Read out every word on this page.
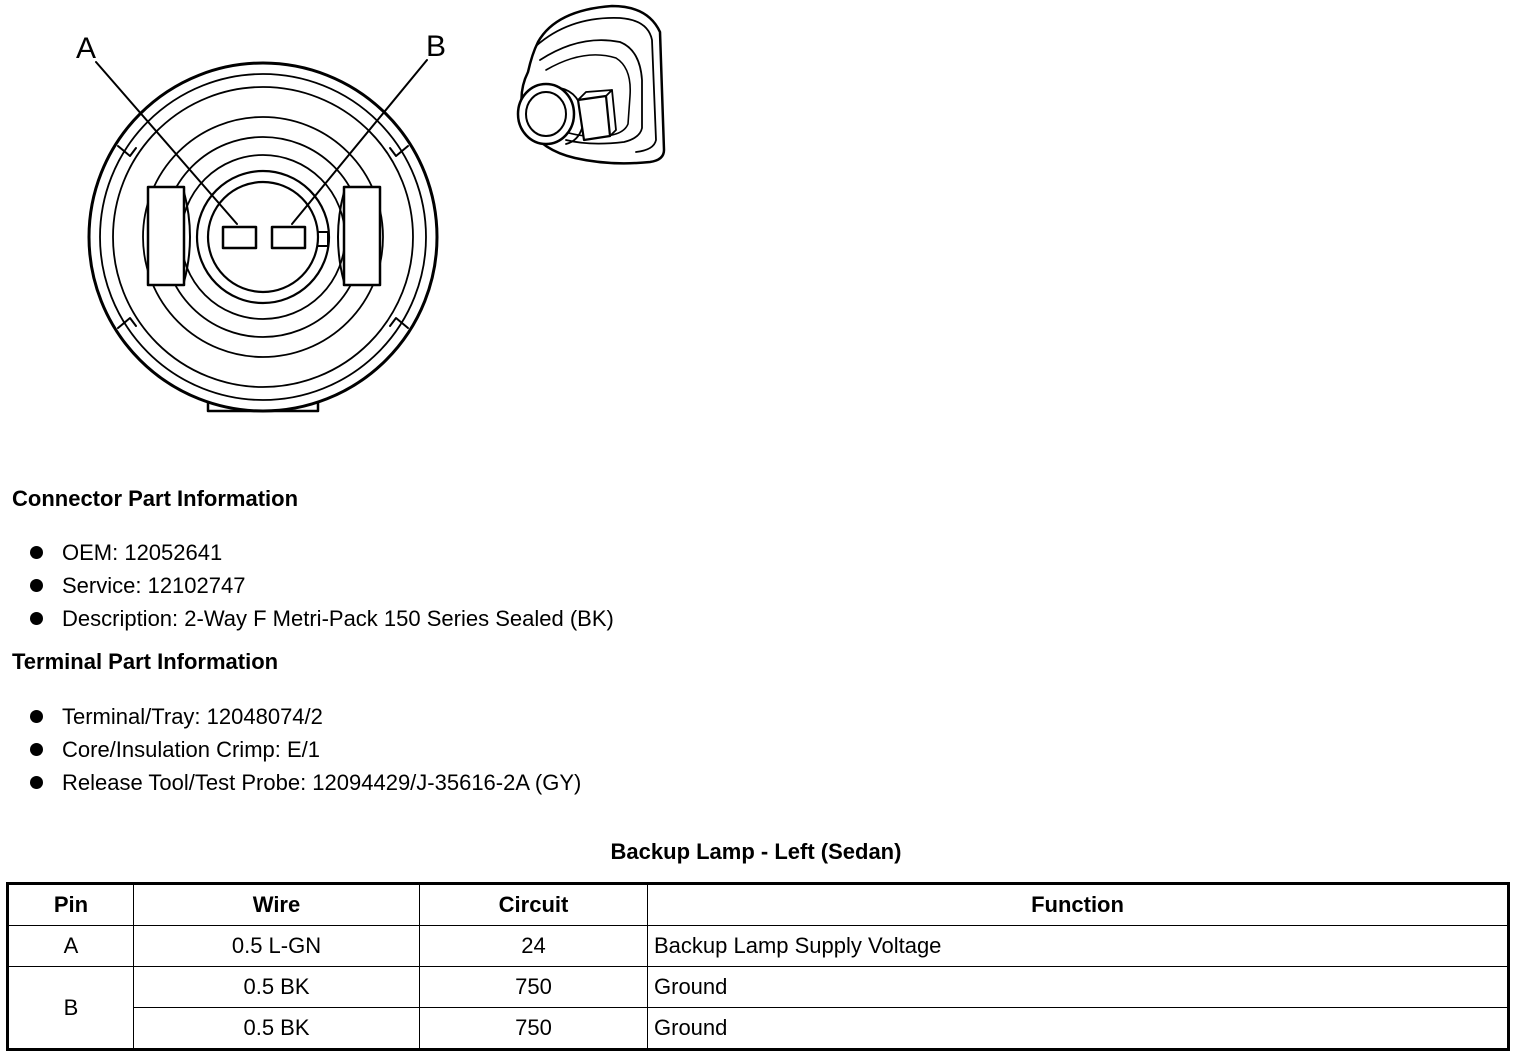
A	B
Connector Part Information
OEM: 12052641
Service: 12102747
Description: 2-Way F Metri-Pack 150 Series Sealed (BK)
Terminal Part Information
Terminal/Tray: 12048074/2
Core/Insulation Crimp: E/1
Release Tool/Test Probe: 12094429/J-35616-2A (GY)
Backup Lamp - Left (Sedan)
Pin	Wire	Circuit	Function
A	0.5 L-GN	24	Backup Lamp Supply Voltage
B	0.5 BK	750	Ground
	0.5 BK	750	Ground
